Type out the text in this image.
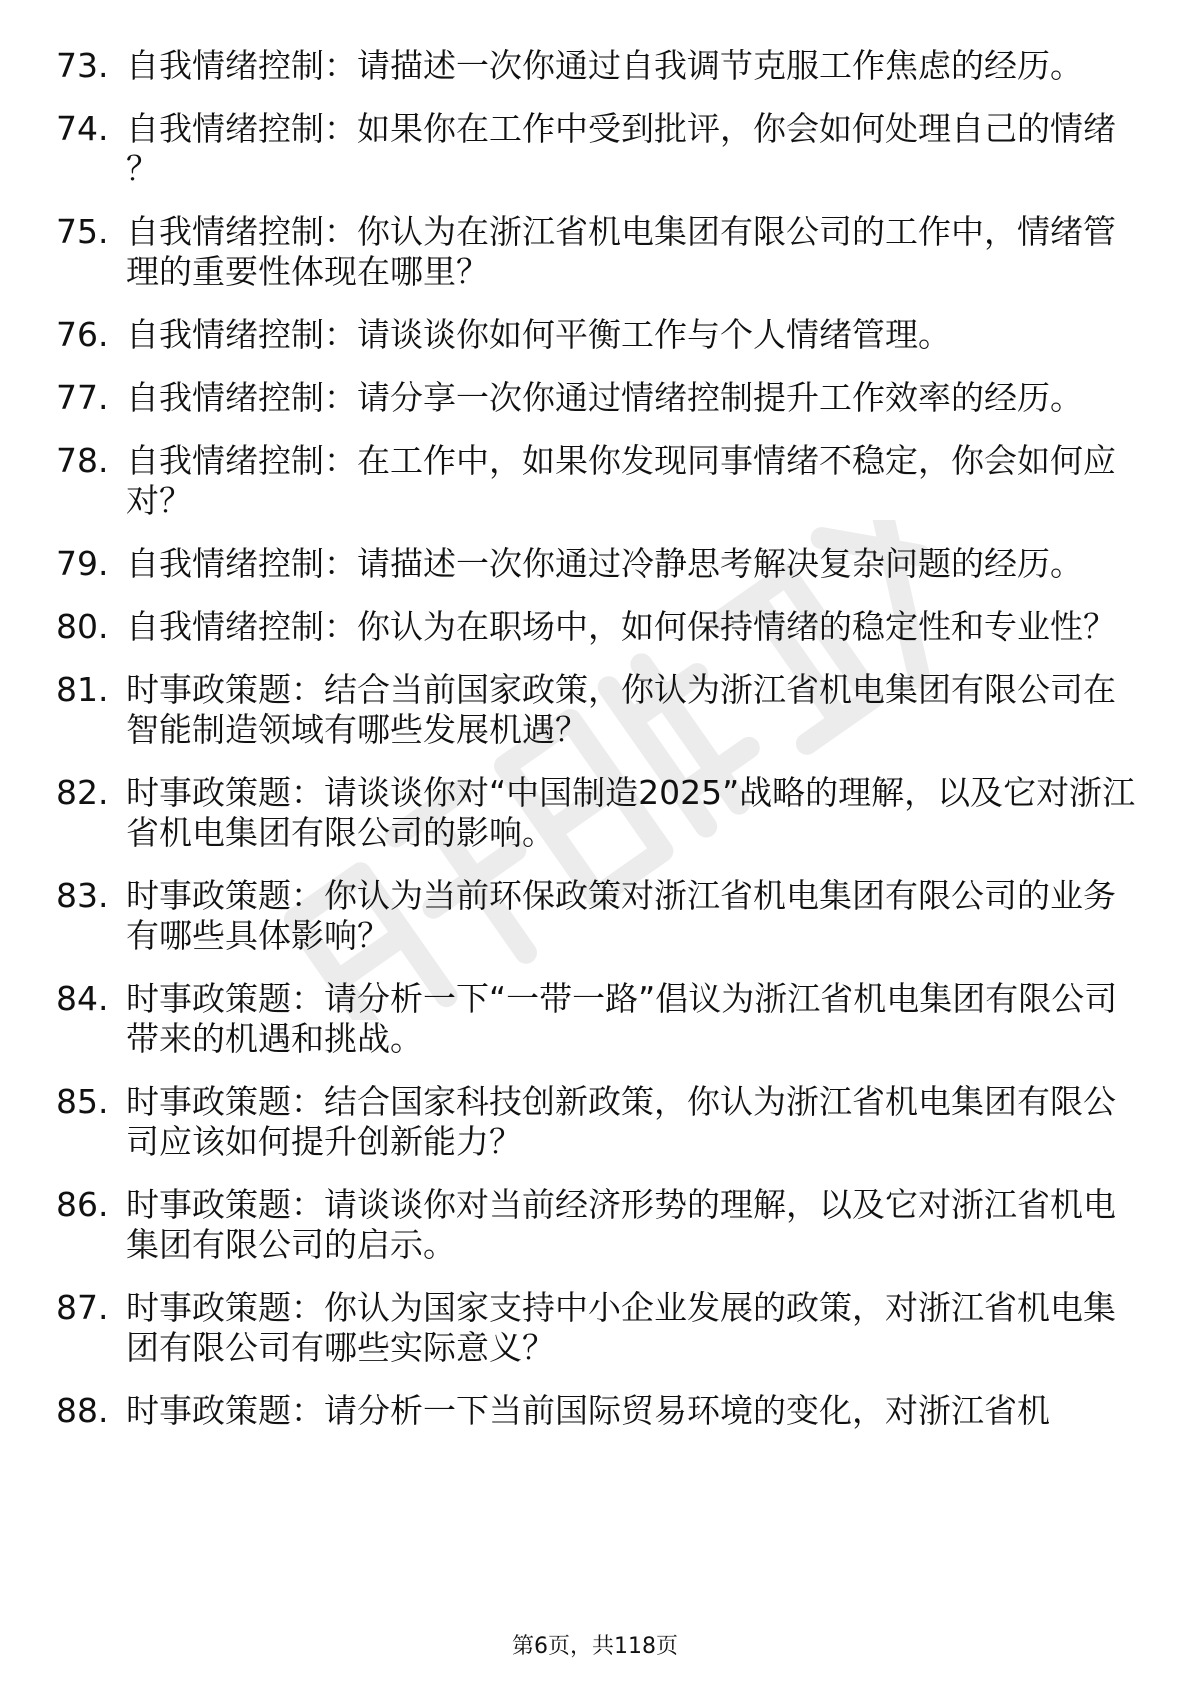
73. 自我情绪控制：请描述一次你通过自我调节克服工作焦虑的经历。
74. 自我情绪控制：如果你在工作中受到批评，你会如何处理自己的情绪？
75. 自我情绪控制：你认为在浙江省机电集团有限公司的工作中，情绪管理的重要性体现在哪里？
76. 自我情绪控制：请谈谈你如何平衡工作与个人情绪管理。
77. 自我情绪控制：请分享一次你通过情绪控制提升工作效率的经历。
78. 自我情绪控制：在工作中，如果你发现同事情绪不稳定，你会如何应对？
79. 自我情绪控制：请描述一次你通过冷静思考解决复杂问题的经历。
80. 自我情绪控制：你认为在职场中，如何保持情绪的稳定性和专业性？
81. 时事政策题：结合当前国家政策，你认为浙江省机电集团有限公司在智能制造领域有哪些发展机遇？
82. 时事政策题：请谈谈你对“中国制造2025”战略的理解，以及它对浙江省机电集团有限公司的影响。
83. 时事政策题：你认为当前环保政策对浙江省机电集团有限公司的业务有哪些具体影响？
84. 时事政策题：请分析一下“一带一路”倡议为浙江省机电集团有限公司带来的机遇和挑战。
85. 时事政策题：结合国家科技创新政策，你认为浙江省机电集团有限公司应该如何提升创新能力？
86. 时事政策题：请谈谈你对当前经济形势的理解，以及它对浙江省机电集团有限公司的启示。
87. 时事政策题：你认为国家支持中小企业发展的政策，对浙江省机电集团有限公司有哪些实际意义？
88. 时事政策题：请分析一下当前国际贸易环境的变化，对浙江省机
第6页，共118页
